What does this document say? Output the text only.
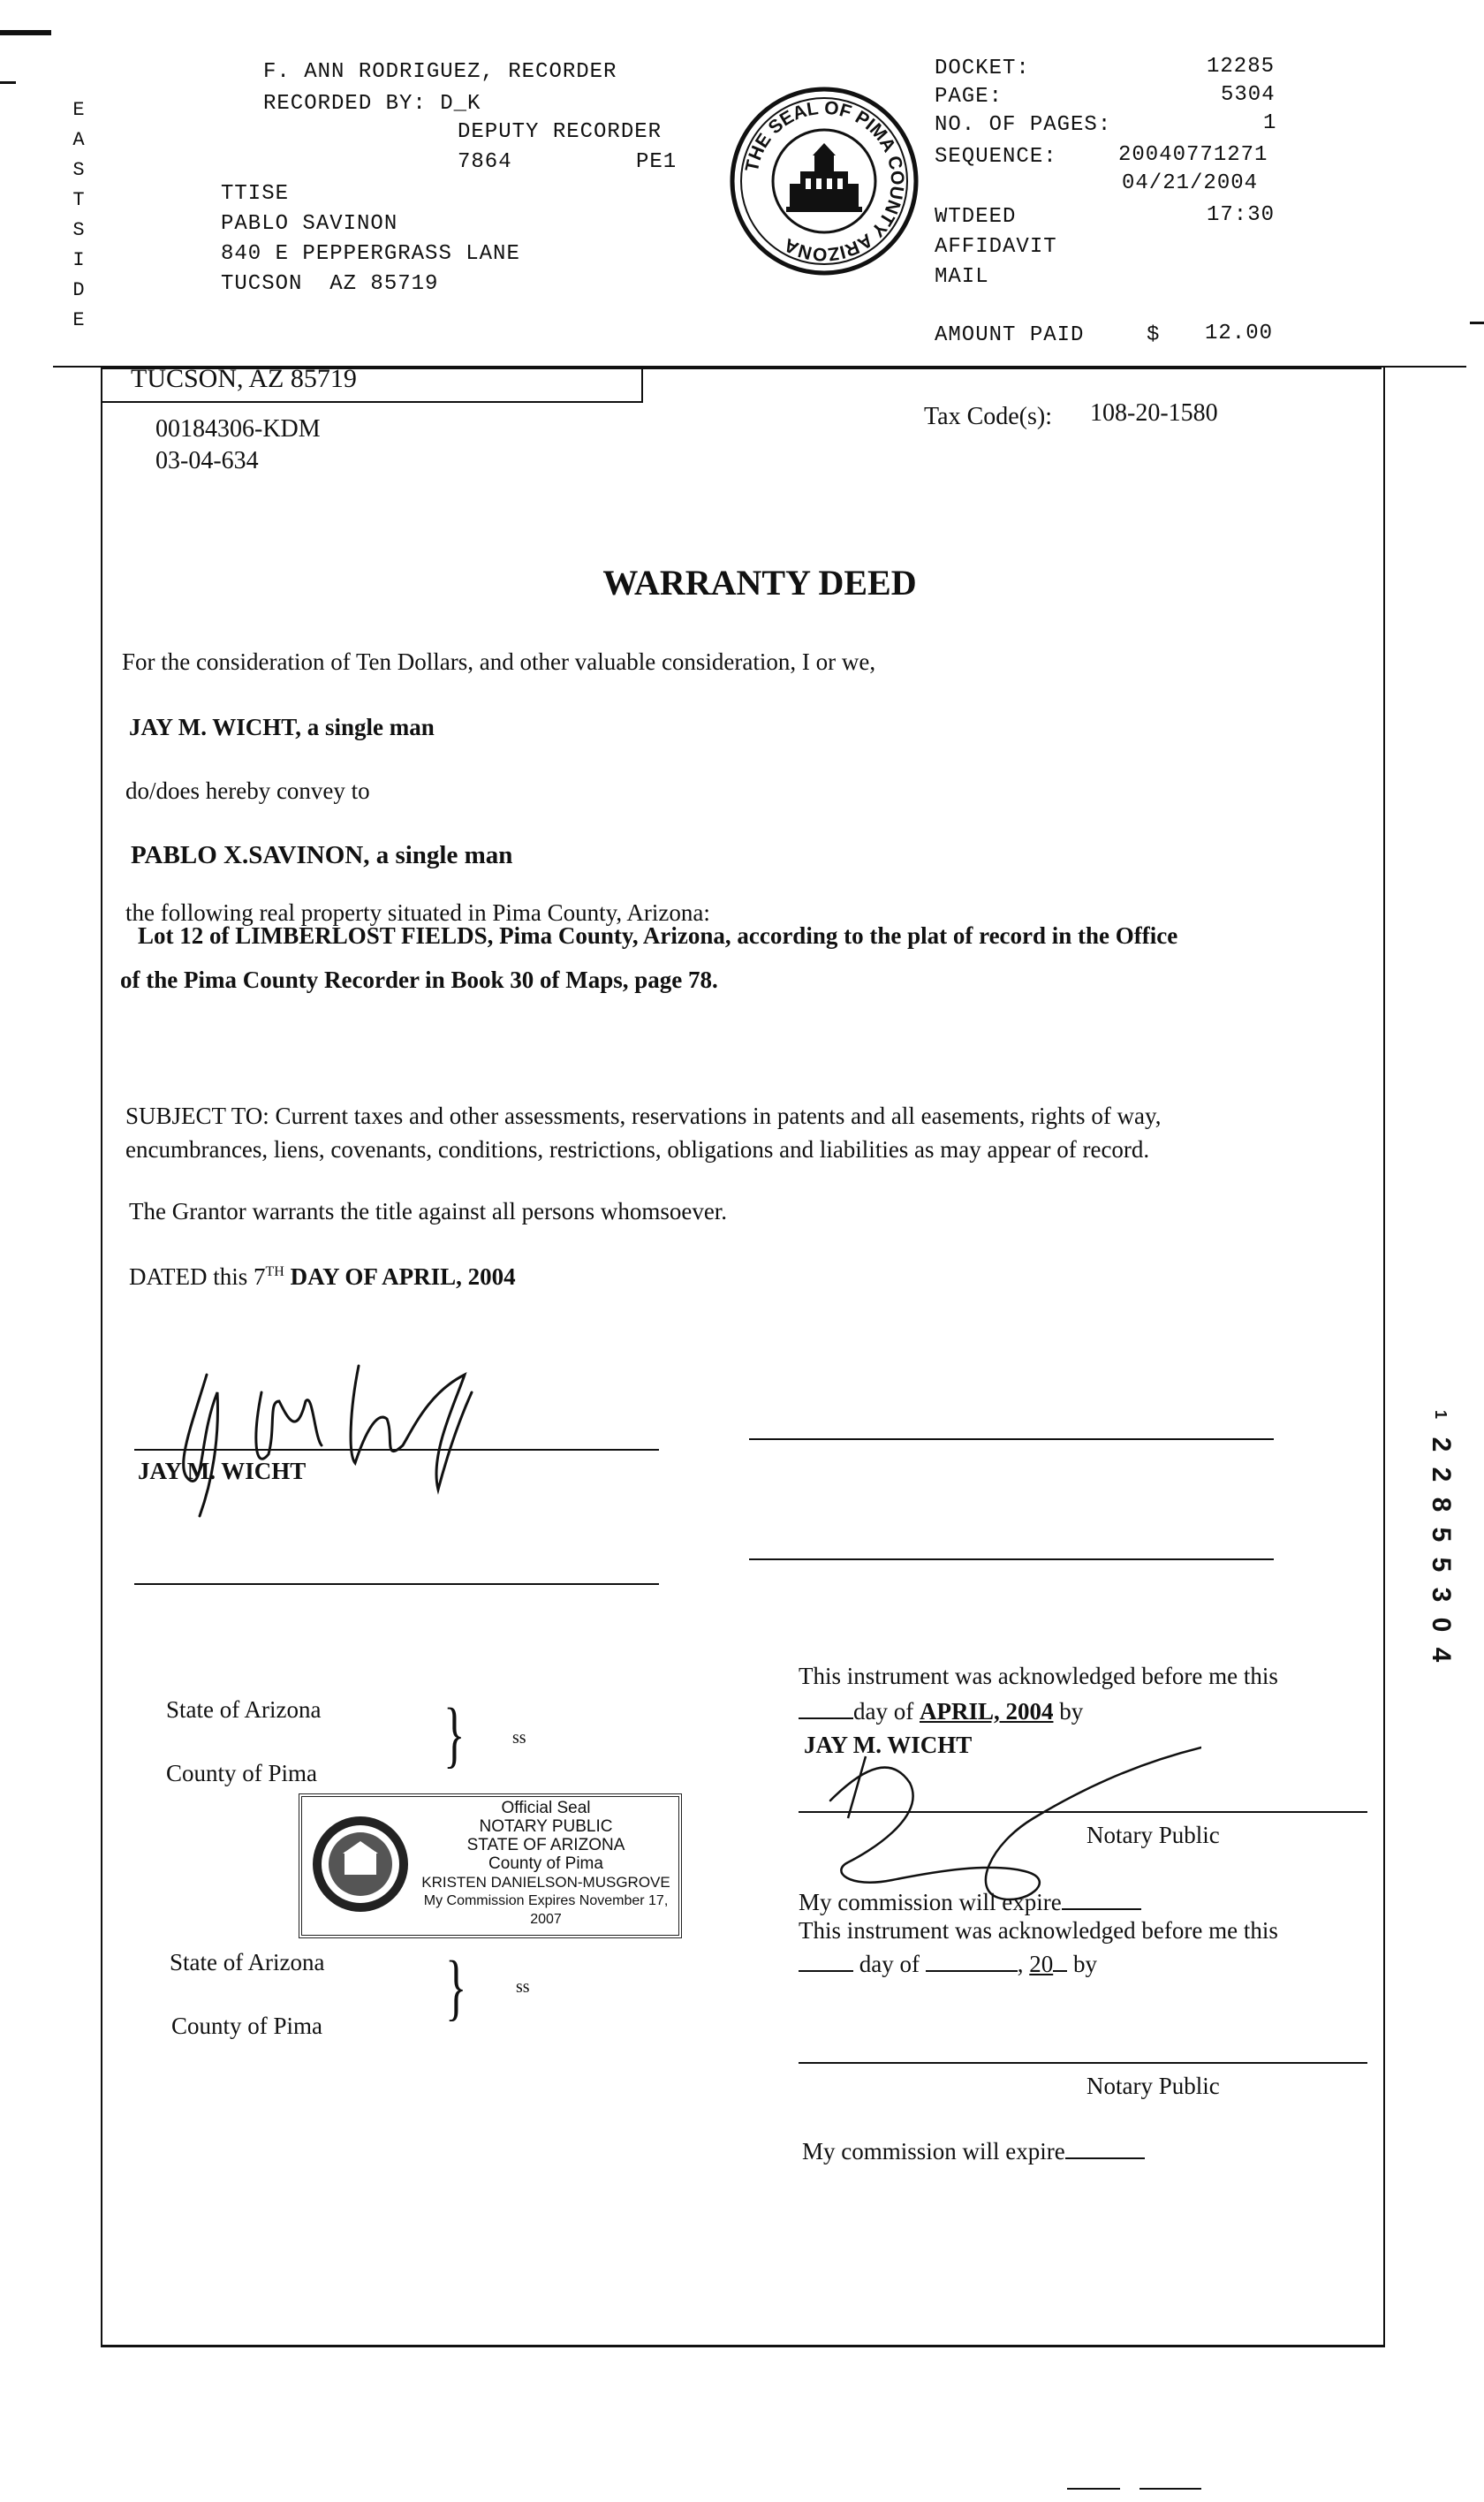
E
A
S
T
S
I
D
E
F. ANN RODRIGUEZ, RECORDER
RECORDED BY: D_K
DEPUTY RECORDER
7864	PE1
TTISE
PABLO SAVINON
840 E PEPPERGRASS LANE
TUCSON  AZ 85719
THE SEAL OF PIMA COUNTY ARIZONA
DOCKET:	12285
PAGE:	5304
NO. OF PAGES:	1
SEQUENCE:	20040771271
04/21/2004
WTDEED	17:30
AFFIDAVIT
MAIL
AMOUNT PAID	$ 12.00
TUCSON, AZ 85719
00184306-KDM
03-04-634
Tax Code(s): 108-20-1580
1
2
2
8
5
5
3
0
4
WARRANTY DEED
For the consideration of Ten Dollars, and other valuable consideration, I or we,
JAY M. WICHT, a single man
do/does hereby convey to
PABLO X.SAVINON, a single man
the following real property situated in Pima County, Arizona:
Lot 12 of LIMBERLOST FIELDS, Pima County, Arizona, according to the plat of record in the Office
of the Pima County Recorder in Book 30 of Maps, page 78.
SUBJECT TO: Current taxes and other assessments, reservations in patents and all easements, rights of way,
encumbrances, liens, covenants, conditions, restrictions, obligations and liabilities as may appear of record.
The Grantor warrants the title against all persons whomsoever.
DATED this 7TH DAY OF APRIL, 2004
JAY M. WICHT
State of Arizona
County of Pima }	ss
This instrument was acknowledged before me this
day of APRIL, 2004 by
JAY M. WICHT
Notary Public
My commission will expire
Official Seal
NOTARY PUBLIC
STATE OF ARIZONA
County of Pima
KRISTEN DANIELSON-MUSGROVE
My Commission Expires November 17, 2007
State of Arizona
County of Pima }	ss
This instrument was acknowledged before me this
day of	, 20 by
Notary Public
My commission will expire
